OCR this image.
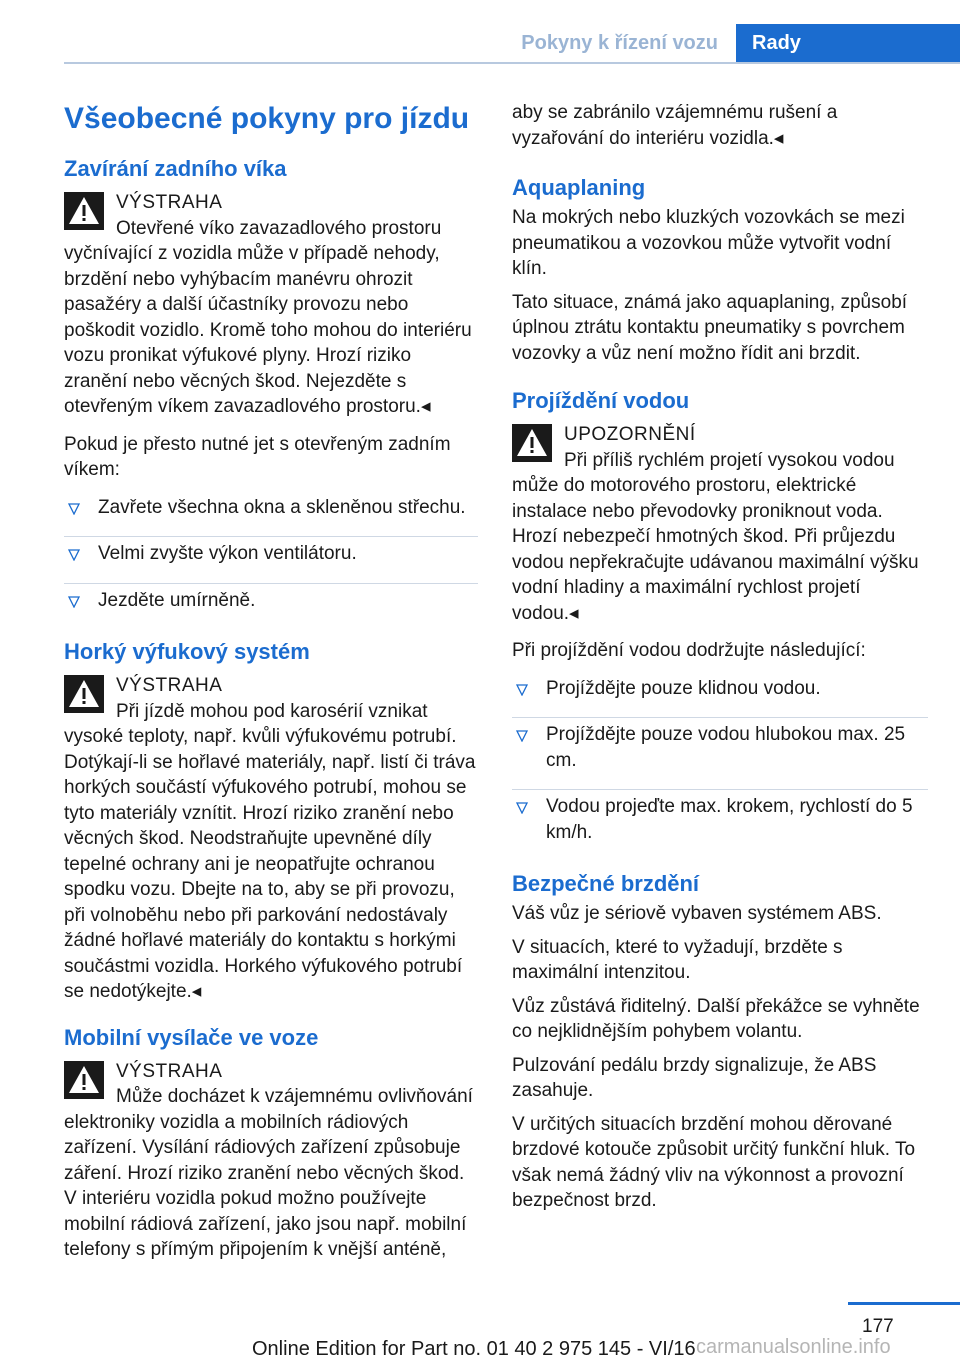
Pokyny k řízení vozu	Rady
Všeobecné pokyny pro jízdu
Zavírání zadního víka
VÝSTRAHA
Otevřené víko zavazadlového prostoru vyčnívající z vozidla může v případě nehody, brzdění nebo vyhýbacím manévru ohrozit pasažéry a další účastníky provozu nebo poškodit vozidlo. Kromě toho mohou do interiéru vozu pronikat výfukové plyny. Hrozí riziko zranění nebo věcných škod. Nejezděte s otevřeným víkem zavazadlového prostoru.◂

Pokud je přesto nutné jet s otevřeným zadním víkem:

Zavřete všechna okna a skleněnou střechu.
Velmi zvyšte výkon ventilátoru.
Jezděte umírněně.
Horký výfukový systém
VÝSTRAHA
Při jízdě mohou pod karosérií vznikat vysoké teploty, např. kvůli výfukovému potrubí. Dotýkají-li se hořlavé materiály, např. listí či tráva horkých součástí výfukového potrubí, mohou se tyto materiály vznítit. Hrozí riziko zranění nebo věcných škod. Neodstraňujte upevněné díly tepelné ochrany ani je neopatřujte ochranou spodku vozu. Dbejte na to, aby se při provozu, při volnoběhu nebo při parkování nedostávaly žádné hořlavé materiály do kontaktu s horkými součástmi vozidla. Horkého výfukového potrubí se nedotýkejte.◂
Mobilní vysílače ve voze
VÝSTRAHA
Může docházet k vzájemnému ovlivňování elektroniky vozidla a mobilních rádiových zařízení. Vysílání rádiových zařízení způsobuje záření. Hrozí riziko zranění nebo věcných škod. V interiéru vozidla pokud možno používejte mobilní rádiová zařízení, jako jsou např. mobilní telefony s přímým připojením k vnější anténě,

aby se zabránilo vzájemnému rušení a vyzařování do interiéru vozidla.◂

Aquaplaning

Na mokrých nebo kluzkých vozovkách se mezi pneumatikou a vozovkou může vytvořit vodní klín.

Tato situace, známá jako aquaplaning, způsobí úplnou ztrátu kontaktu pneumatiky s povrchem vozovky a vůz není možno řídit ani brzdit.

Projíždění vodou
UPOZORNĚNÍ
Při příliš rychlém projetí vysokou vodou může do motorového prostoru, elektrické instalace nebo převodovky proniknout voda. Hrozí nebezpečí hmotných škod. Při průjezdu vodou nepřekračujte udávanou maximální výšku vodní hladiny a maximální rychlost projetí vodou.◂

Při projíždění vodou dodržujte následující:

Projíždějte pouze klidnou vodou.
Projíždějte pouze vodou hlubokou max. 25 cm.
Vodou projeďte max. krokem, rychlostí do 5 km/h.
Bezpečné brzdění

Váš vůz je sériově vybaven systémem ABS.

V situacích, které to vyžadují, brzděte s maximální intenzitou.

Vůz zůstává řiditelný. Další překážce se vyhněte co nejklidnějším pohybem volantu.

Pulzování pedálu brzdy signalizuje, že ABS zasahuje.

V určitých situacích brzdění mohou děrované brzdové kotouče způsobit určitý funkční hluk. To však nemá žádný vliv na výkonnost a provozní bezpečnost brzd.

177
Online Edition for Part no. 01 40 2 975 145 - VI/16 carmanualsonline.info
